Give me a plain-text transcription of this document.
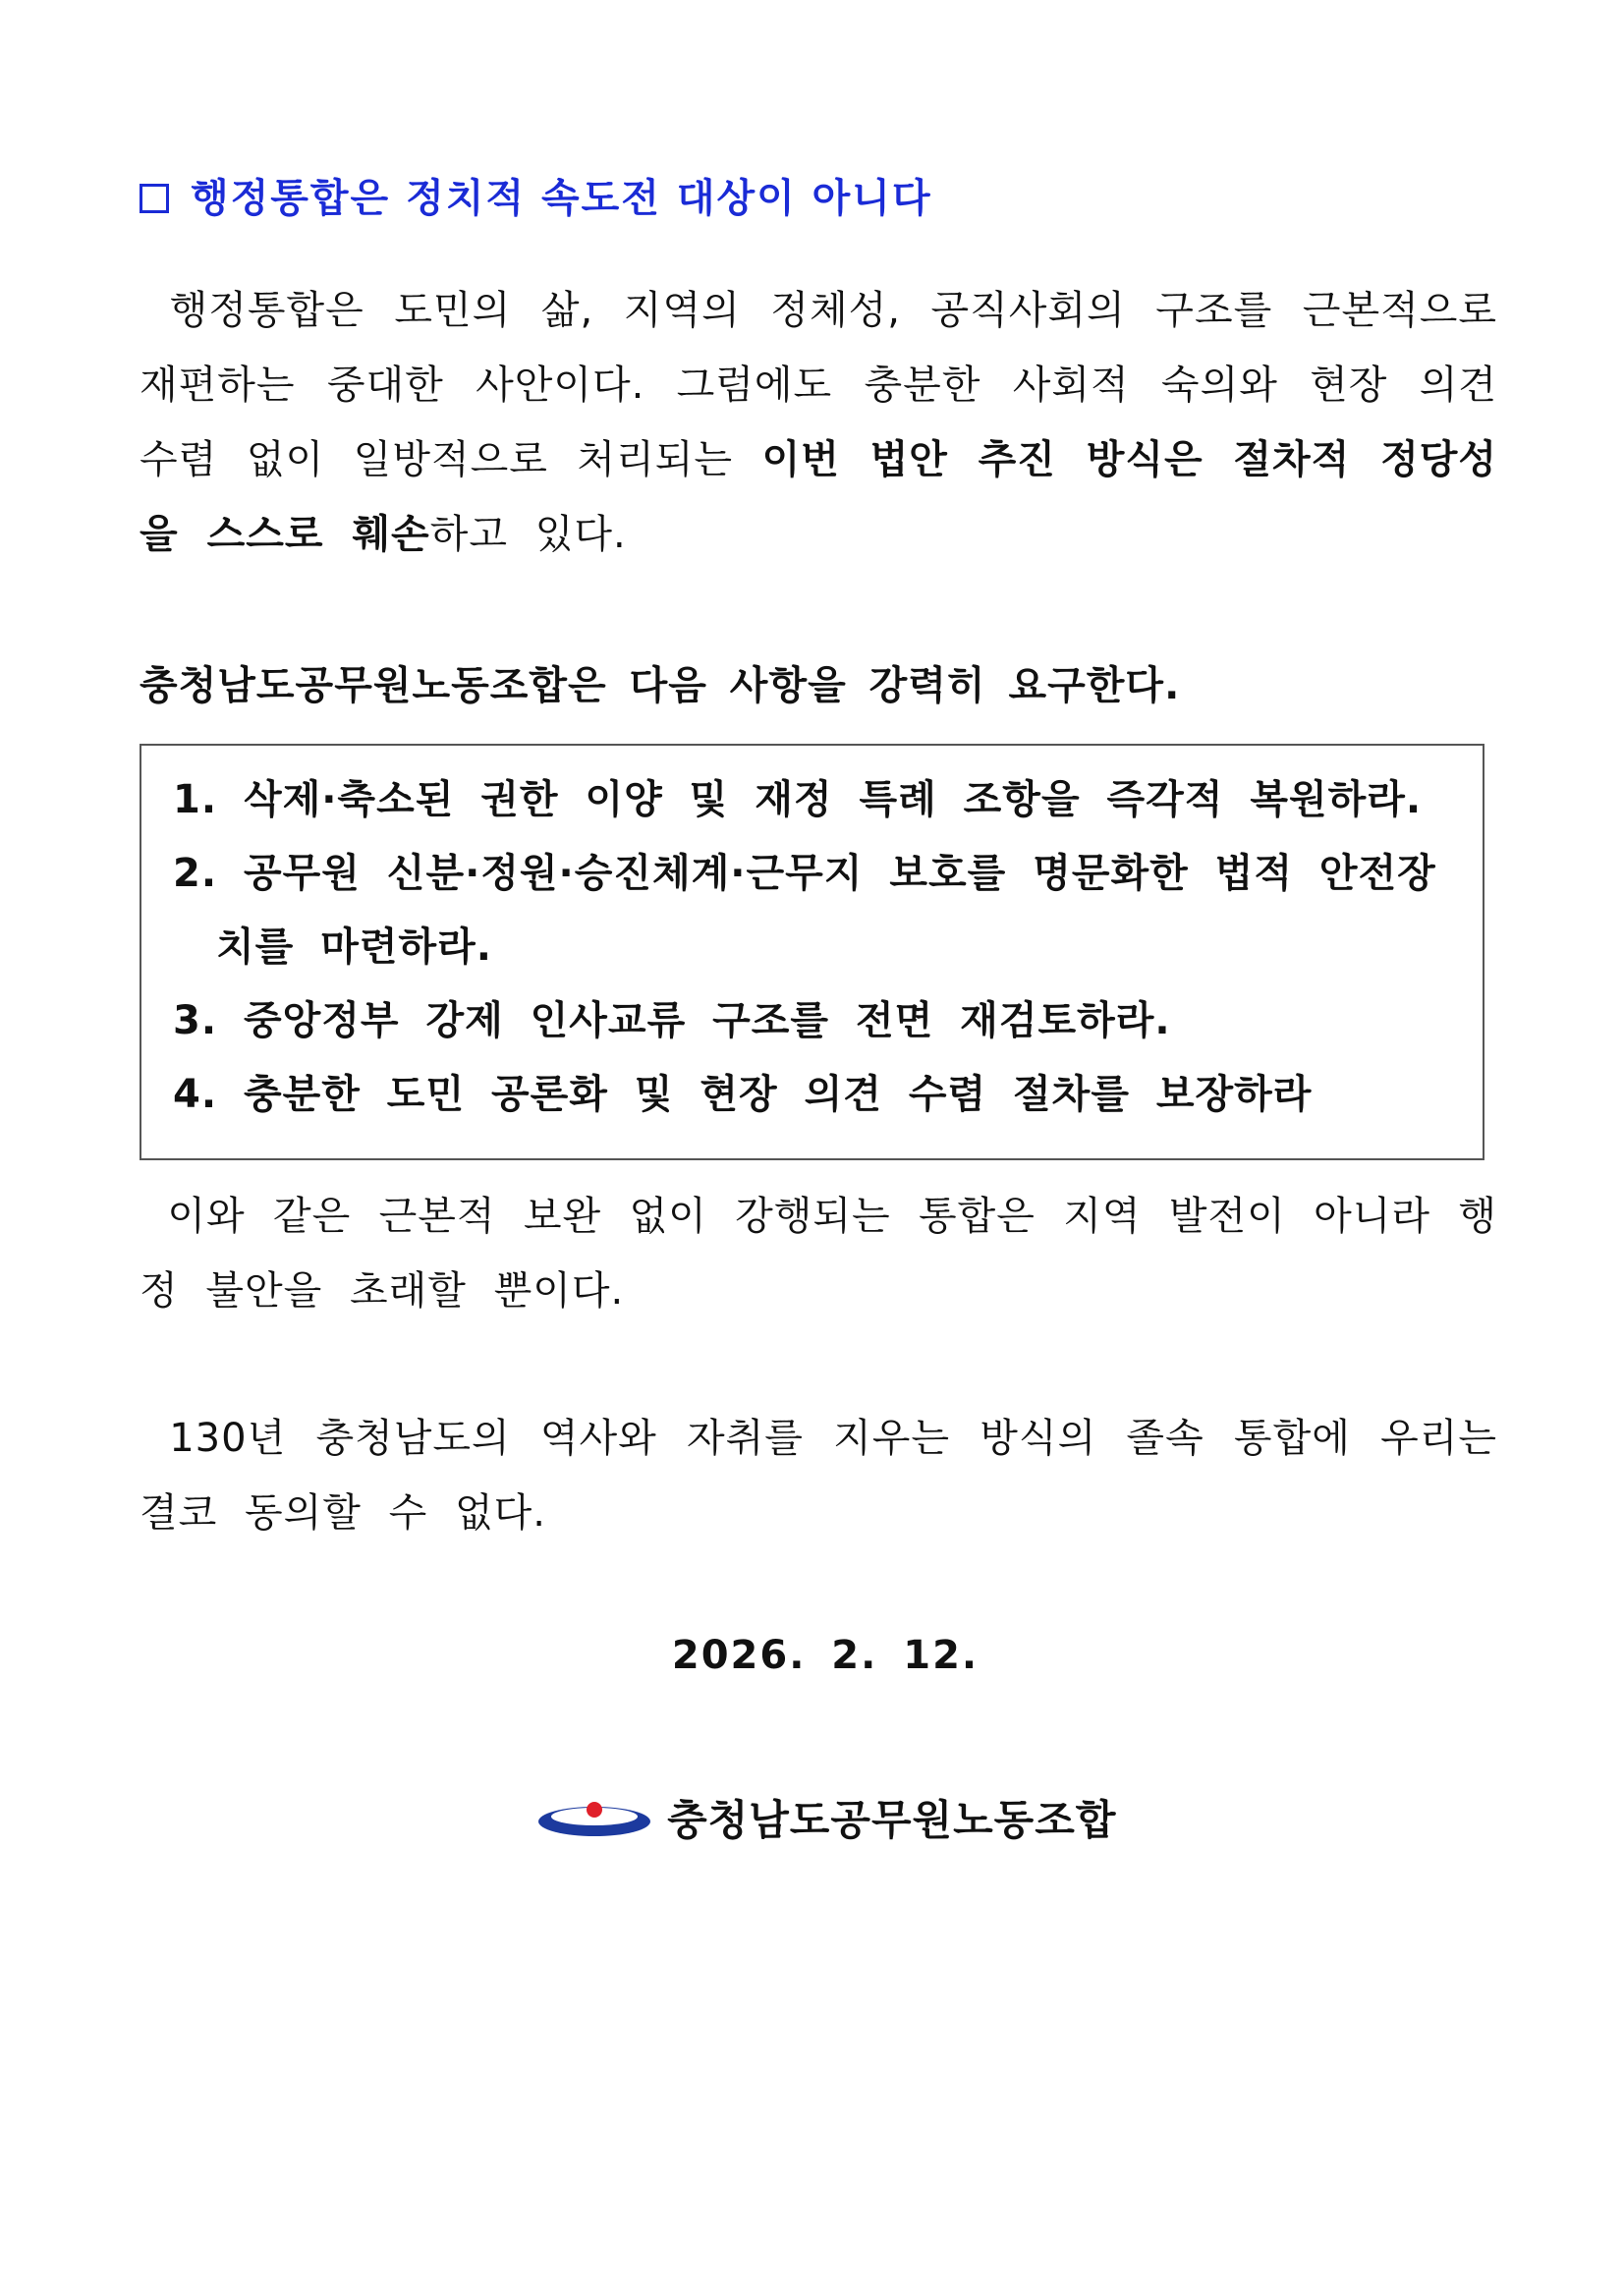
행정통합은 정치적 속도전 대상이 아니다
행정통합은 도민의 삶, 지역의 정체성, 공직사회의 구조를 근본적으로 재편하는 중대한 사안이다. 그럼에도 충분한 사회적 숙의와 현장 의견 수렴 없이 일방적으로 처리되는 이번 법안 추진 방식은 절차적 정당성을 스스로 훼손하고 있다.
충청남도공무원노동조합은 다음 사항을 강력히 요구한다.
1. 삭제·축소된 권한 이양 및 재정 특례 조항을 즉각적 복원하라.
2. 공무원 신분·정원·승진체계·근무지 보호를 명문화한 법적 안전장치를 마련하라.
3. 중앙정부 강제 인사교류 구조를 전면 재검토하라.
4. 충분한 도민 공론화 및 현장 의견 수렴 절차를 보장하라
이와 같은 근본적 보완 없이 강행되는 통합은 지역 발전이 아니라 행정 불안을 초래할 뿐이다.
130년 충청남도의 역사와 자취를 지우는 방식의 졸속 통합에 우리는 결코 동의할 수 없다.
2026. 2. 12.
충청남도공무원노동조합
